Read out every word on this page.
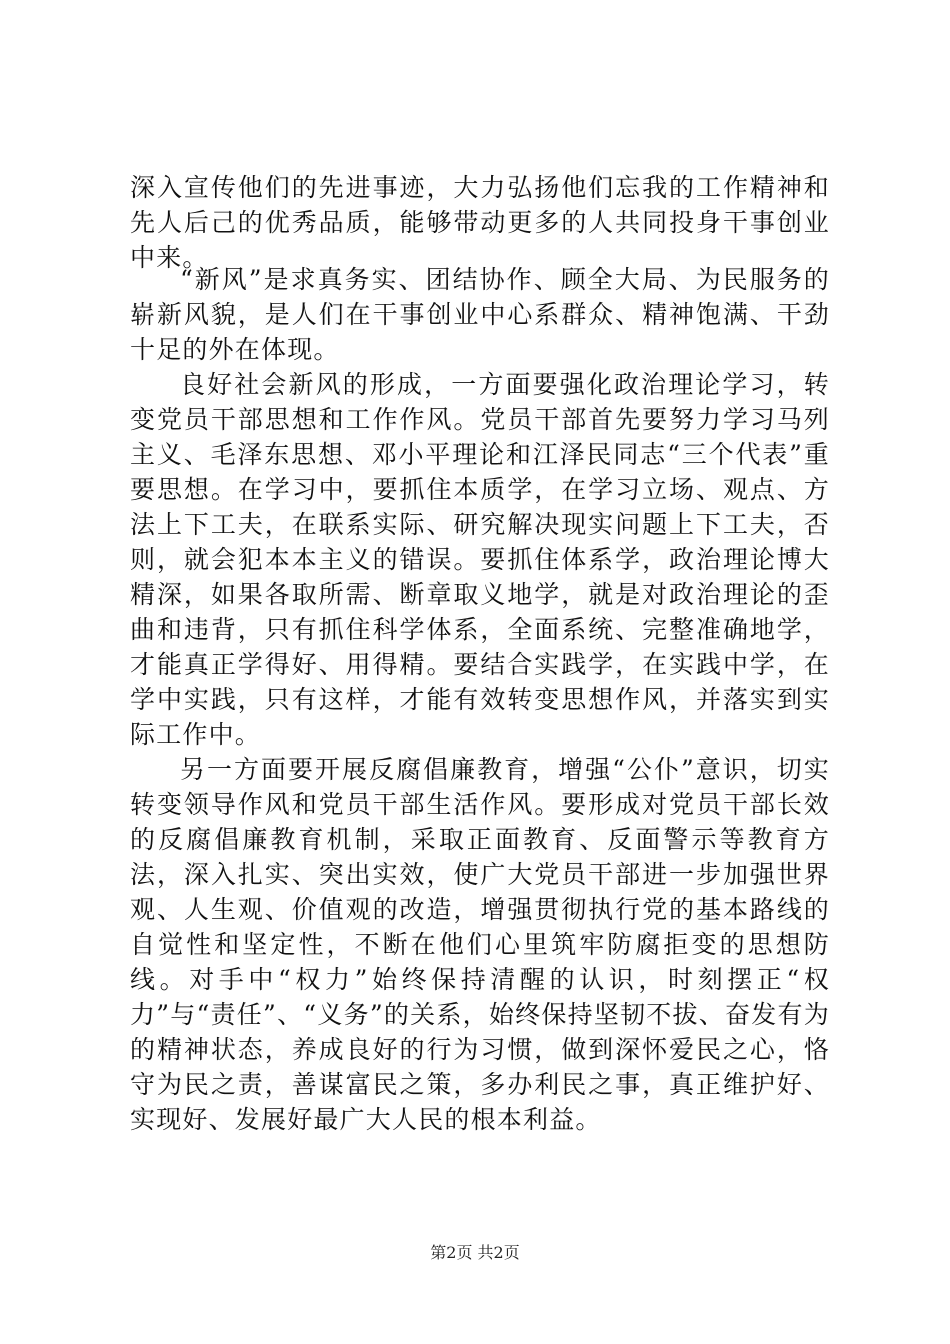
深入宣传他们的先进事迹，大力弘扬他们忘我的工作精神和先人后己的优秀品质，能够带动更多的人共同投身干事创业中来。

“新风”是求真务实、团结协作、顾全大局、为民服务的崭新风貌，是人们在干事创业中心系群众、精神饱满、干劲十足的外在体现。

良好社会新风的形成，一方面要强化政治理论学习，转变党员干部思想和工作作风。党员干部首先要努力学习马列主义、毛泽东思想、邓小平理论和江泽民同志“三个代表”重要思想。在学习中，要抓住本质学，在学习立场、观点、方法上下工夫，在联系实际、研究解决现实问题上下工夫，否则，就会犯本本主义的错误。要抓住体系学，政治理论博大精深，如果各取所需、断章取义地学，就是对政治理论的歪曲和违背，只有抓住科学体系，全面系统、完整准确地学，才能真正学得好、用得精。要结合实践学，在实践中学，在学中实践，只有这样，才能有效转变思想作风，并落实到实际工作中。

另一方面要开展反腐倡廉教育，增强“公仆”意识，切实转变领导作风和党员干部生活作风。要形成对党员干部长效的反腐倡廉教育机制，采取正面教育、反面警示等教育方法，深入扎实、突出实效，使广大党员干部进一步加强世界观、人生观、价值观的改造，增强贯彻执行党的基本路线的自觉性和坚定性，不断在他们心里筑牢防腐拒变的思想防线。对手中“权力”始终保持清醒的认识，时刻摆正“权力”与“责任”、“义务”的关系，始终保持坚韧不拔、奋发有为的精神状态，养成良好的行为习惯，做到深怀爱民之心，恪守为民之责，善谋富民之策，多办利民之事，真正维护好、实现好、发展好最广大人民的根本利益。

第2页 共2页
